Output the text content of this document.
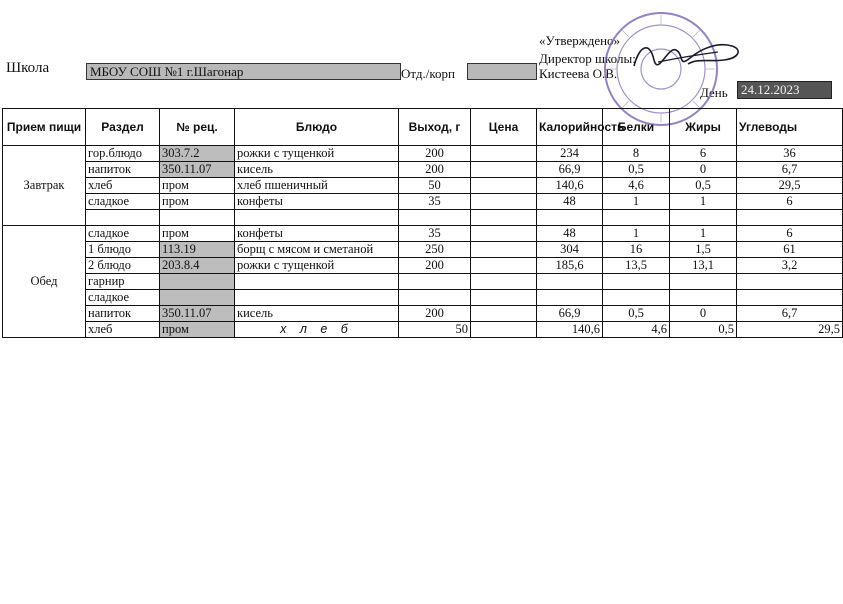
Школа	МБОУ СОШ №1 г.Шагонар	Отд./корп
«Утверждено»
Директор школы:
Кистеева О.В.
День	24.12.2023
Прием пищи	Раздел	№ рец.	Блюдо	Выход, г	Цена	Калорийность	Белки	Жиры	Углеводы
Завтрак	гор.блюдо	303.7.2	рожки с тущенкой	200		234	8	6	36
	напиток	350.11.07	кисель	200		66,9	0,5	0	6,7
	хлеб	пром	хлеб пшеничный	50		140,6	4,6	0,5	29,5
	сладкое	пром	конфеты	35		48	1	1	6

Обед	сладкое	пром	конфеты	35		48	1	1	6
	1 блюдо	113.19	борщ с мясом и сметаной	250		304	16	1,5	61
	2 блюдо	203.8.4	рожки с тущенкой	200		185,6	13,5	13,1	3,2
	гарнир								
	сладкое								
	напиток	350.11.07	кисель	200		66,9	0,5	0	6,7
	хлеб	пром	х л е б	50		140,6	4,6	0,5	29,5
